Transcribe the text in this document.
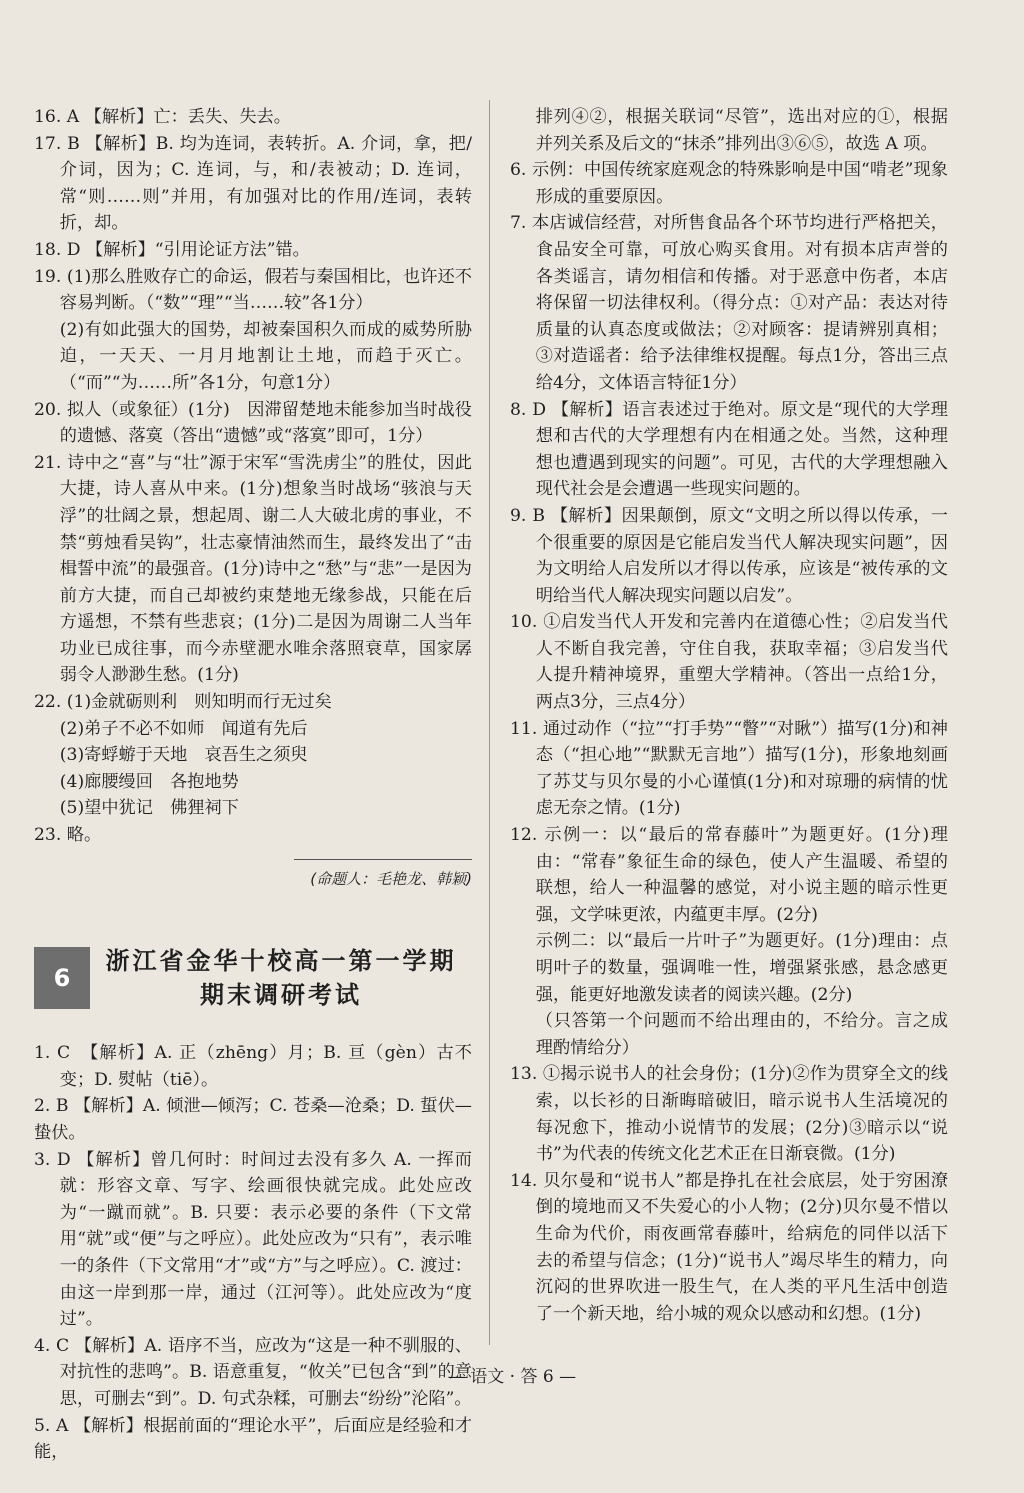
16. A 【解析】亡：丢失、失去。

17. B 【解析】B. 均为连词，表转折。A. 介词，拿，把/介词，因为；C. 连词，与，和/表被动；D. 连词，常“则……则”并用，有加强对比的作用/连词，表转折，却。

18. D 【解析】“引用论证方法”错。

19. (1)那么胜败存亡的命运，假若与秦国相比，也许还不容易判断。（“数”“理”“当……较”各1分）

(2)有如此强大的国势，却被秦国积久而成的威势所胁迫，一天天、一月月地割让土地，而趋于灭亡。（“而”“为……所”各1分，句意1分）

20. 拟人（或象征）(1分)　因滞留楚地未能参加当时战役的遗憾、落寞（答出“遗憾”或“落寞”即可，1分）

21. 诗中之“喜”与“壮”源于宋军“雪洗虏尘”的胜仗，因此大捷，诗人喜从中来。(1分)想象当时战场“骇浪与天浮”的壮阔之景，想起周、谢二人大破北虏的事业，不禁“剪烛看吴钩”，壮志豪情油然而生，最终发出了“击楫誓中流”的最强音。(1分)诗中之“愁”与“悲”一是因为前方大捷，而自己却被约束楚地无缘参战，只能在后方遥想，不禁有些悲哀；(1分)二是因为周谢二人当年功业已成往事，而今赤壁淝水唯余落照衰草，国家孱弱令人渺渺生愁。(1分)

22. (1)金就砺则利　则知明而行无过矣

(2)弟子不必不如师　闻道有先后

(3)寄蜉蝣于天地　哀吾生之须臾

(4)廊腰缦回　各抱地势

(5)望中犹记　佛狸祠下

23. 略。

(命题人：毛艳龙、韩颖)
6
浙江省金华十校高一第一学期
期末调研考试

1. C　【解析】A. 正（zhēng）月；B. 亘（gèn）古不变；D. 熨帖（tiē）。

2. B 【解析】A. 倾泄—倾泻；C. 苍桑—沧桑；D. 蜇伏—蛰伏。

3. D 【解析】曾几何时：时间过去没有多久 A. 一挥而就：形容文章、写字、绘画很快就完成。此处应改为“一蹴而就”。B. 只要：表示必要的条件（下文常用“就”或“便”与之呼应）。此处应改为“只有”，表示唯一的条件（下文常用“才”或“方”与之呼应）。C. 渡过：由这一岸到那一岸，通过（江河等）。此处应改为“度过”。

4. C 【解析】A. 语序不当，应改为“这是一种不驯服的、对抗性的悲鸣”。B. 语意重复，“攸关”已包含“到”的意思，可删去“到”。D. 句式杂糅，可删去“纷纷”沦陷”。

5. A 【解析】根据前面的“理论水平”，后面应是经验和才能，

排列④②，根据关联词“尽管”，选出对应的①，根据并列关系及后文的“抹杀”排列出③⑥⑤，故选 A 项。

6. 示例：中国传统家庭观念的特殊影响是中国“啃老”现象形成的重要原因。

7. 本店诚信经营，对所售食品各个环节均进行严格把关，食品安全可靠，可放心购买食用。对有损本店声誉的各类谣言，请勿相信和传播。对于恶意中伤者，本店将保留一切法律权利。（得分点：①对产品：表达对待质量的认真态度或做法；②对顾客：提请辨别真相；③对造谣者：给予法律维权提醒。每点1分，答出三点给4分，文体语言特征1分）

8. D 【解析】语言表述过于绝对。原文是“现代的大学理想和古代的大学理想有内在相通之处。当然，这种理想也遭遇到现实的问题”。可见，古代的大学理想融入现代社会是会遭遇一些现实问题的。

9. B 【解析】因果颠倒，原文“文明之所以得以传承，一个很重要的原因是它能启发当代人解决现实问题”，因为文明给人启发所以才得以传承，应该是“被传承的文明给当代人解决现实问题以启发”。

10. ①启发当代人开发和完善内在道德心性；②启发当代人不断自我完善，守住自我，获取幸福；③启发当代人提升精神境界，重塑大学精神。（答出一点给1分，两点3分，三点4分）

11. 通过动作（“拉”“打手势”“瞥”“对瞅”）描写(1分)和神态（“担心地”“默默无言地”）描写(1分)，形象地刻画了苏艾与贝尔曼的小心谨慎(1分)和对琼珊的病情的忧虑无奈之情。(1分)

12. 示例一：以“最后的常春藤叶”为题更好。(1分)理由：“常春”象征生命的绿色，使人产生温暖、希望的联想，给人一种温馨的感觉，对小说主题的暗示性更强，文学味更浓，内蕴更丰厚。(2分)

示例二：以“最后一片叶子”为题更好。(1分)理由：点明叶子的数量，强调唯一性，增强紧张感，悬念感更强，能更好地激发读者的阅读兴趣。(2分)

（只答第一个问题而不给出理由的，不给分。言之成理酌情给分）

13. ①揭示说书人的社会身份；(1分)②作为贯穿全文的线索，以长衫的日渐晦暗破旧，暗示说书人生活境况的每况愈下，推动小说情节的发展；(2分)③暗示以“说书”为代表的传统文化艺术正在日渐衰微。(1分)

14. 贝尔曼和“说书人”都是挣扎在社会底层，处于穷困潦倒的境地而又不失爱心的小人物；(2分)贝尔曼不惜以生命为代价，雨夜画常春藤叶，给病危的同伴以活下去的希望与信念；(1分)“说书人”竭尽毕生的精力，向沉闷的世界吹进一股生气，在人类的平凡生活中创造了一个新天地，给小城的观众以感动和幻想。(1分)

— 语文 · 答 6 —
